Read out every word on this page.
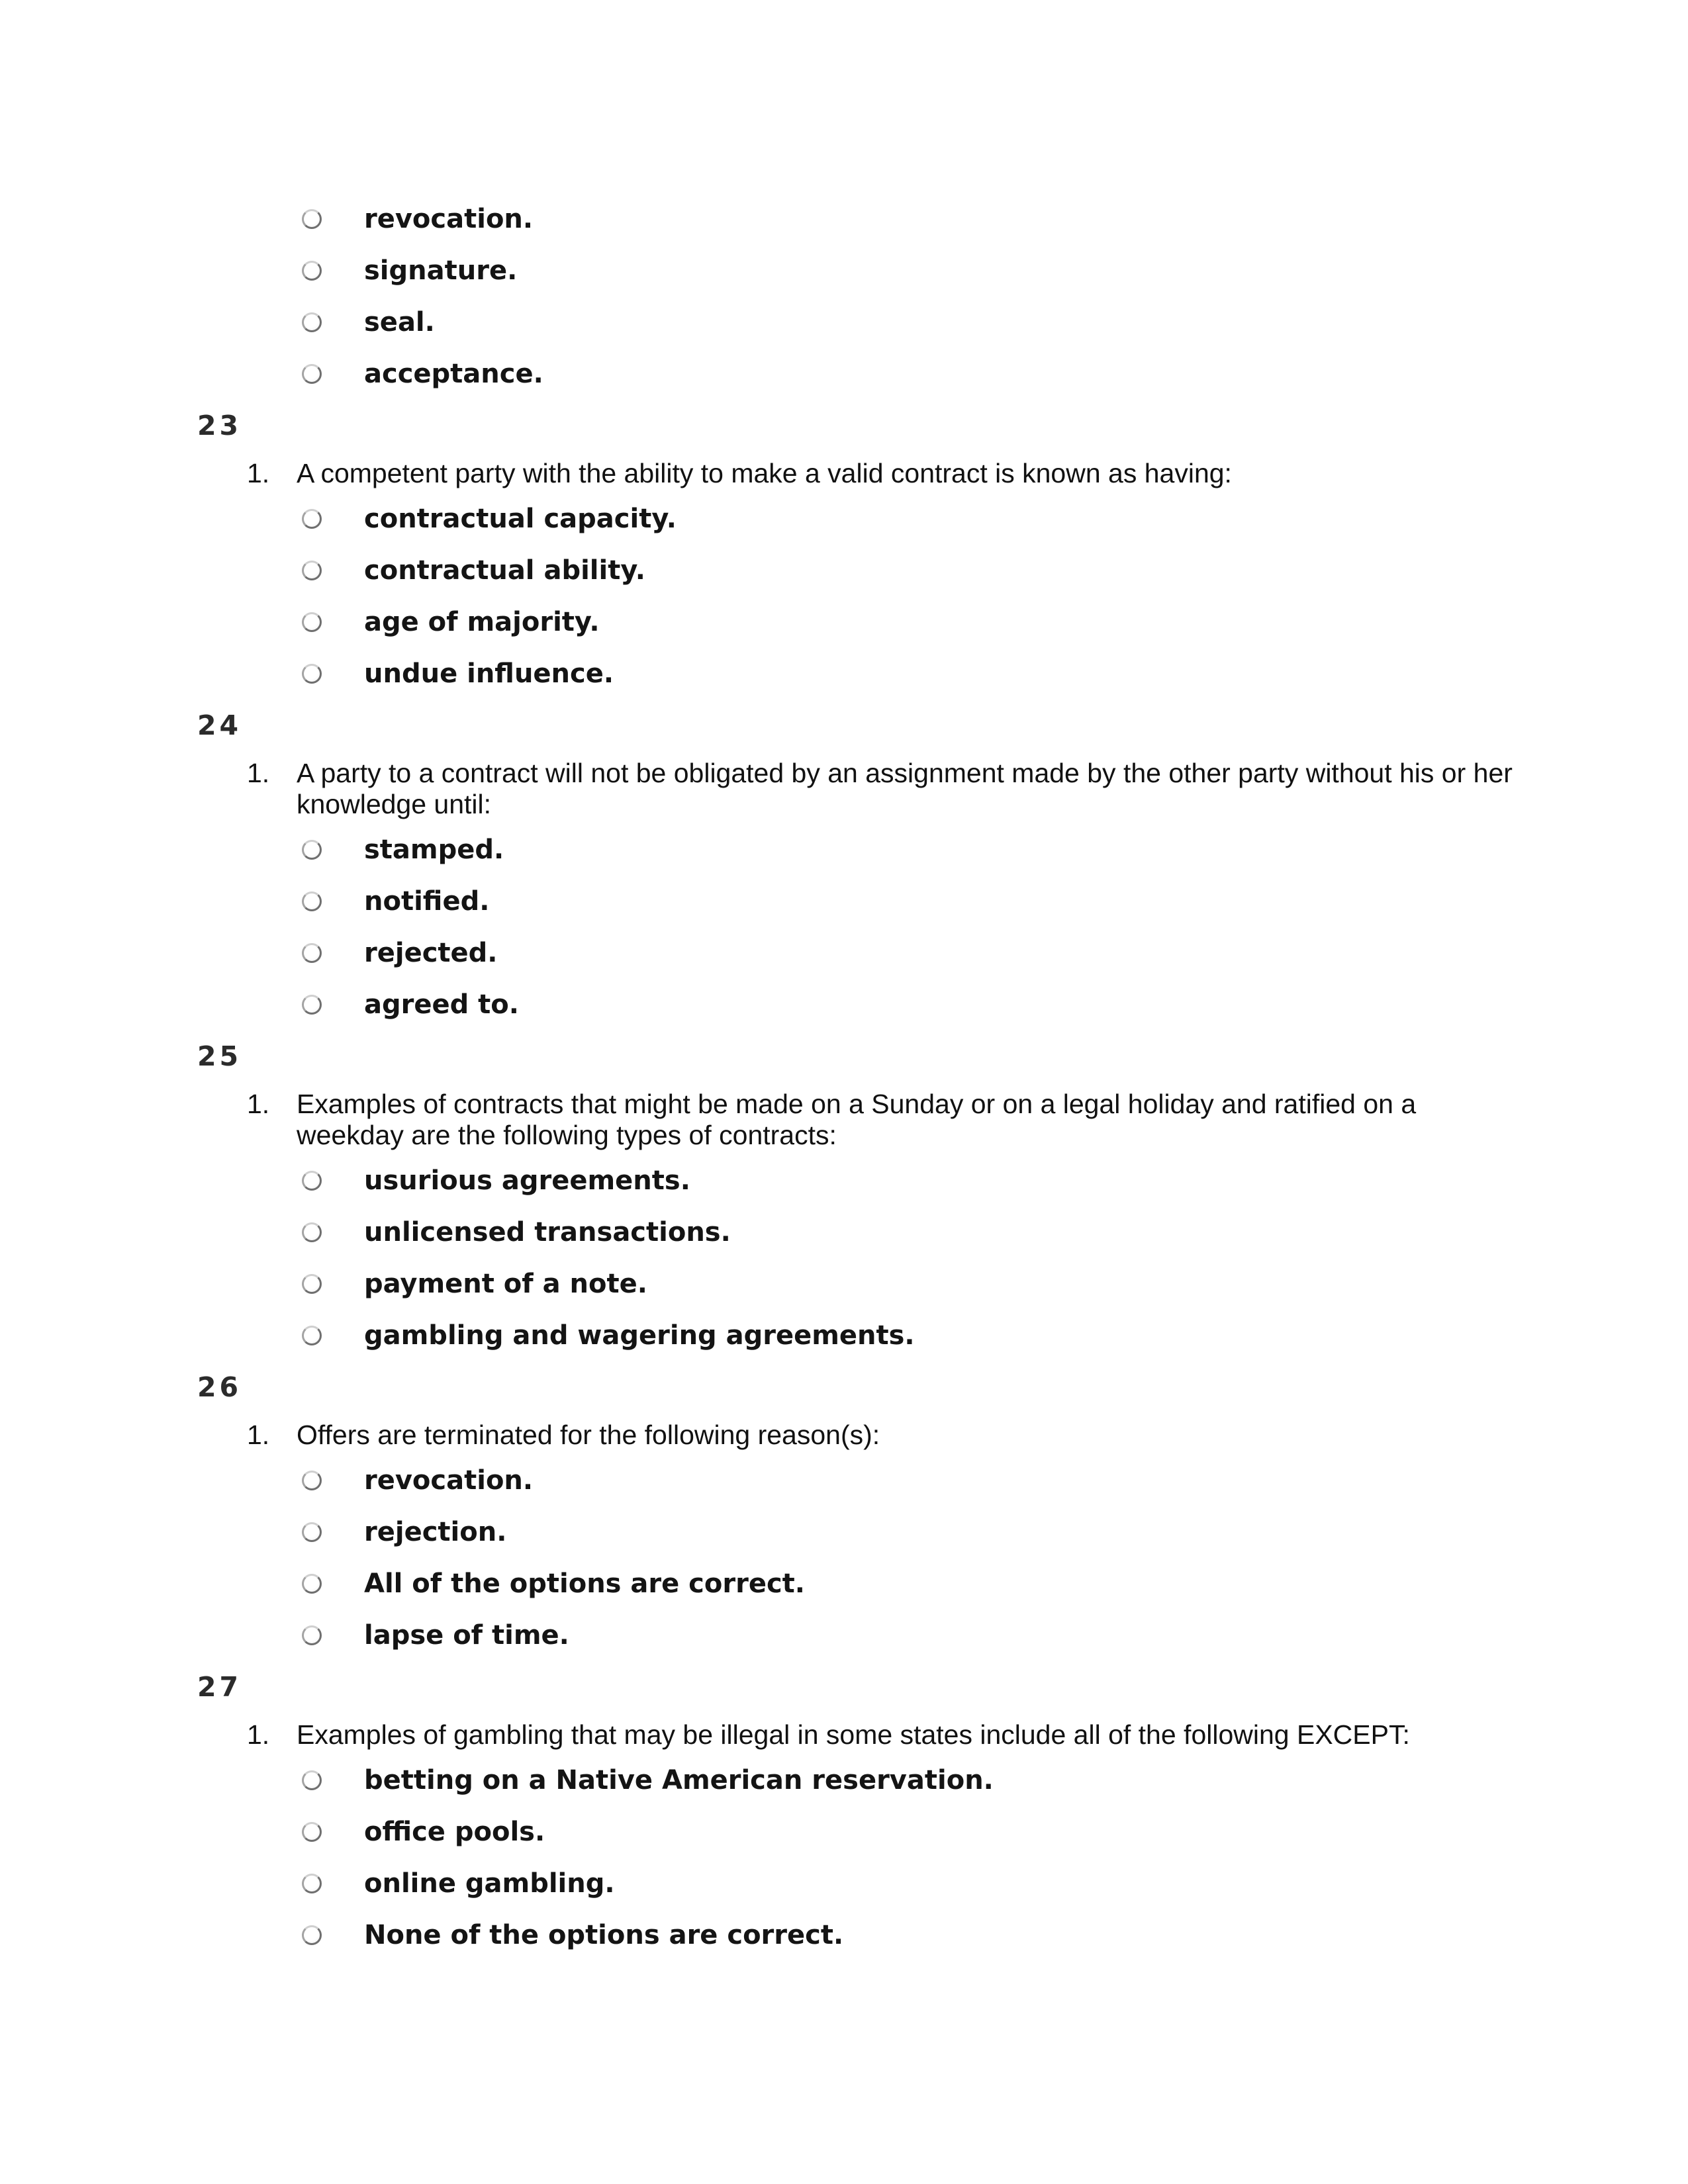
revocation.
signature.
seal.
acceptance.
23
1. A competent party with the ability to make a valid contract is known as having:
contractual capacity.
contractual ability.
age of majority.
undue influence.
24
1. A party to a contract will not be obligated by an assignment made by the other party without his or her knowledge until:
stamped.
notified.
rejected.
agreed to.
25
1. Examples of contracts that might be made on a Sunday or on a legal holiday and ratified on a weekday are the following types of contracts:
usurious agreements.
unlicensed transactions.
payment of a note.
gambling and wagering agreements.
26
1. Offers are terminated for the following reason(s):
revocation.
rejection.
All of the options are correct.
lapse of time.
27
1. Examples of gambling that may be illegal in some states include all of the following EXCEPT:
betting on a Native American reservation.
office pools.
online gambling.
None of the options are correct.
